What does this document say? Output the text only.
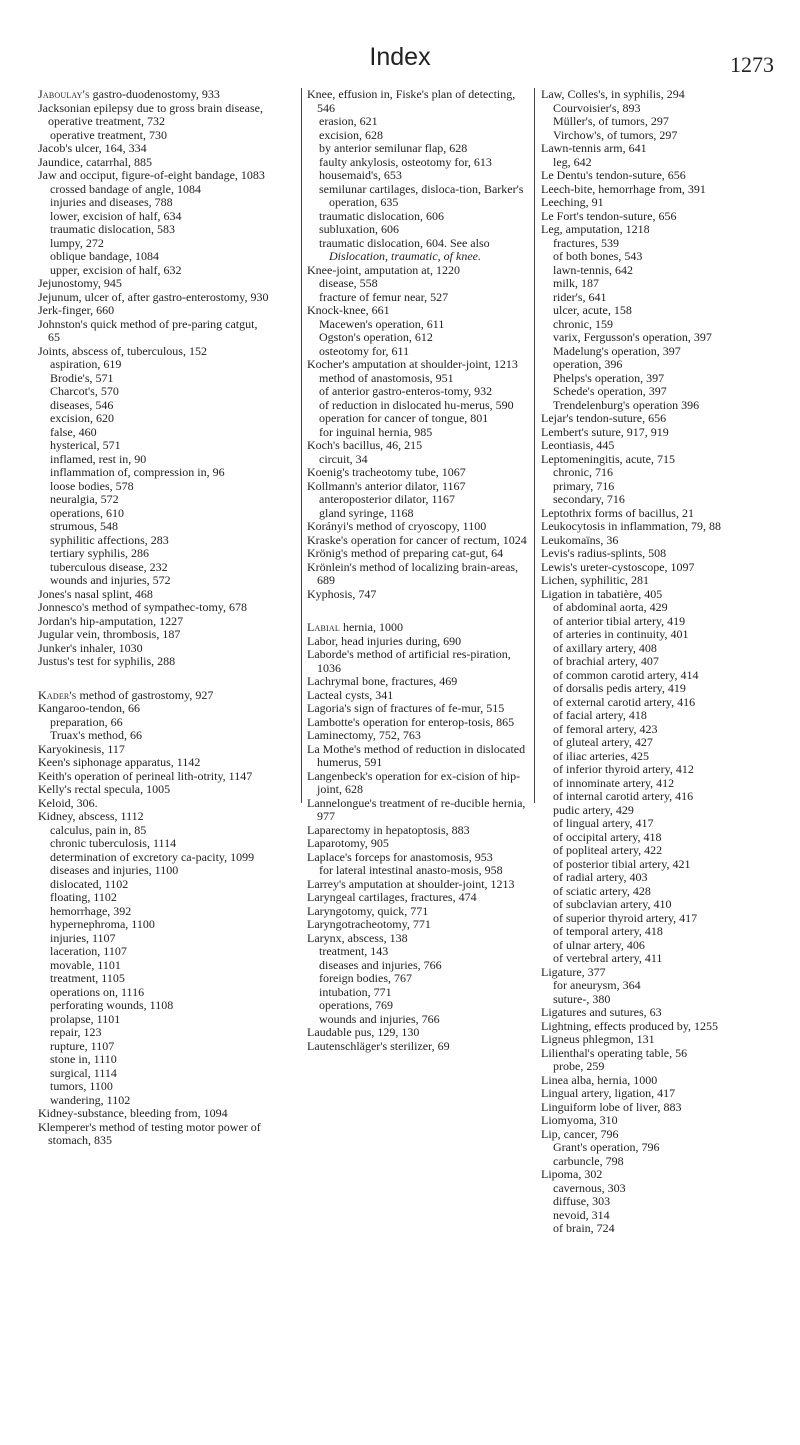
Index	1273

Jaboulay's gastro-duodenostomy, 933

Jacksonian epilepsy due to gross brain disease, operative treatment, 732

operative treatment, 730

Jacob's ulcer, 164, 334

Jaundice, catarrhal, 885

Jaw and occiput, figure-of-eight bandage, 1083

crossed bandage of angle, 1084

injuries and diseases, 788

lower, excision of half, 634

traumatic dislocation, 583

lumpy, 272

oblique bandage, 1084

upper, excision of half, 632

Jejunostomy, 945

Jejunum, ulcer of, after gastro-enterostomy, 930

Jerk-finger, 660

Johnston's quick method of pre-paring catgut, 65

Joints, abscess of, tuberculous, 152

aspiration, 619

Brodie's, 571

Charcot's, 570

diseases, 546

excision, 620

false, 460

hysterical, 571

inflamed, rest in, 90

inflammation of, compression in, 96

loose bodies, 578

neuralgia, 572

operations, 610

strumous, 548

syphilitic affections, 283

tertiary syphilis, 286

tuberculous disease, 232

wounds and injuries, 572

Jones's nasal splint, 468

Jonnesco's method of sympathec-tomy, 678

Jordan's hip-amputation, 1227

Jugular vein, thrombosis, 187

Junker's inhaler, 1030

Justus's test for syphilis, 288

Kader's method of gastrostomy, 927

Kangaroo-tendon, 66

preparation, 66

Truax's method, 66

Karyokinesis, 117

Keen's siphonage apparatus, 1142

Keith's operation of perineal lith-otrity, 1147

Kelly's rectal specula, 1005

Keloid, 306.

Kidney, abscess, 1112

calculus, pain in, 85

chronic tuberculosis, 1114

determination of excretory ca-pacity, 1099

diseases and injuries, 1100

dislocated, 1102

floating, 1102

hemorrhage, 392

hypernephroma, 1100

injuries, 1107

laceration, 1107

movable, 1101

treatment, 1105

operations on, 1116

perforating wounds, 1108

prolapse, 1101

repair, 123

rupture, 1107

stone in, 1110

surgical, 1114

tumors, 1100

wandering, 1102

Kidney-substance, bleeding from, 1094

Klemperer's method of testing motor power of stomach, 835

Knee, effusion in, Fiske's plan of detecting, 546

erasion, 621

excision, 628

by anterior semilunar flap, 628

faulty ankylosis, osteotomy for, 613

housemaid's, 653

semilunar cartilages, disloca-tion, Barker's operation, 635

traumatic dislocation, 606

subluxation, 606

traumatic dislocation, 604. See also Dislocation, traumatic, of knee.

Knee-joint, amputation at, 1220

disease, 558

fracture of femur near, 527

Knock-knee, 661

Macewen's operation, 611

Ogston's operation, 612

osteotomy for, 611

Kocher's amputation at shoulder-joint, 1213

method of anastomosis, 951

of anterior gastro-enteros-tomy, 932

of reduction in dislocated hu-merus, 590

operation for cancer of tongue, 801

for inguinal hernia, 985

Koch's bacillus, 46, 215

circuit, 34

Koenig's tracheotomy tube, 1067

Kollmann's anterior dilator, 1167

anteroposterior dilator, 1167

gland syringe, 1168

Korányi's method of cryoscopy, 1100

Kraske's operation for cancer of rectum, 1024

Krönig's method of preparing cat-gut, 64

Krönlein's method of localizing brain-areas, 689

Kyphosis, 747

Labial hernia, 1000

Labor, head injuries during, 690

Laborde's method of artificial res-piration, 1036

Lachrymal bone, fractures, 469

Lacteal cysts, 341

Lagoria's sign of fractures of fe-mur, 515

Lambotte's operation for enterop-tosis, 865

Laminectomy, 752, 763

La Mothe's method of reduction in dislocated humerus, 591

Langenbeck's operation for ex-cision of hip-joint, 628

Lannelongue's treatment of re-ducible hernia, 977

Laparectomy in hepatoptosis, 883

Laparotomy, 905

Laplace's forceps for anastomosis, 953

for lateral intestinal anasto-mosis, 958

Larrey's amputation at shoulder-joint, 1213

Laryngeal cartilages, fractures, 474

Laryngotomy, quick, 771

Laryngotracheotomy, 771

Larynx, abscess, 138

treatment, 143

diseases and injuries, 766

foreign bodies, 767

intubation, 771

operations, 769

wounds and injuries, 766

Laudable pus, 129, 130

Lautenschläger's sterilizer, 69

Law, Colles's, in syphilis, 294

Courvoisier's, 893

Müller's, of tumors, 297

Virchow's, of tumors, 297

Lawn-tennis arm, 641

leg, 642

Le Dentu's tendon-suture, 656

Leech-bite, hemorrhage from, 391

Leeching, 91

Le Fort's tendon-suture, 656

Leg, amputation, 1218

fractures, 539

of both bones, 543

lawn-tennis, 642

milk, 187

rider's, 641

ulcer, acute, 158

chronic, 159

varix, Fergusson's operation, 397

Madelung's operation, 397

operation, 396

Phelps's operation, 397

Schede's operation, 397

Trendelenburg's operation 396

Lejar's tendon-suture, 656

Lembert's suture, 917, 919

Leontiasis, 445

Leptomeningitis, acute, 715

chronic, 716

primary, 716

secondary, 716

Leptothrix forms of bacillus, 21

Leukocytosis in inflammation, 79, 88

Leukomaïns, 36

Levis's radius-splints, 508

Lewis's ureter-cystoscope, 1097

Lichen, syphilitic, 281

Ligation in tabatière, 405

of abdominal aorta, 429

of anterior tibial artery, 419

of arteries in continuity, 401

of axillary artery, 408

of brachial artery, 407

of common carotid artery, 414

of dorsalis pedis artery, 419

of external carotid artery, 416

of facial artery, 418

of femoral artery, 423

of gluteal artery, 427

of iliac arteries, 425

of inferior thyroid artery, 412

of innominate artery, 412

of internal carotid artery, 416

pudic artery, 429

of lingual artery, 417

of occipital artery, 418

of popliteal artery, 422

of posterior tibial artery, 421

of radial artery, 403

of sciatic artery, 428

of subclavian artery, 410

of superior thyroid artery, 417

of temporal artery, 418

of ulnar artery, 406

of vertebral artery, 411

Ligature, 377

for aneurysm, 364

suture-, 380

Ligatures and sutures, 63

Lightning, effects produced by, 1255

Ligneus phlegmon, 131

Lilienthal's operating table, 56

probe, 259

Linea alba, hernia, 1000

Lingual artery, ligation, 417

Linguiform lobe of liver, 883

Liomyoma, 310

Lip, cancer, 796

Grant's operation, 796

carbuncle, 798

Lipoma, 302

cavernous, 303

diffuse, 303

nevoid, 314

of brain, 724
